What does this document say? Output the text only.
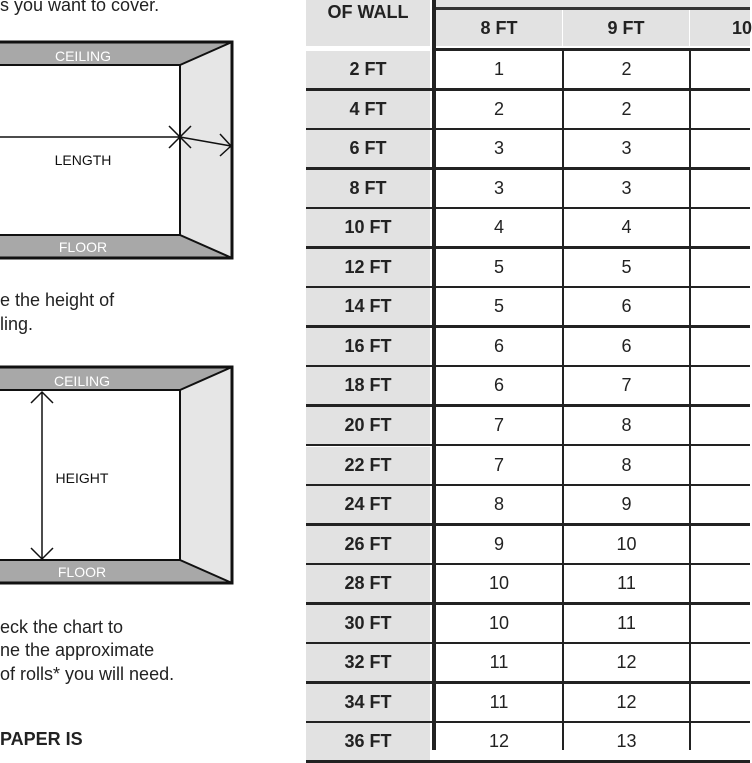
s you want to cover.
CEILING
FLOOR
LENGTH
e the height of
ling.
CEILING
FLOOR
HEIGHT
eck the chart to
ne the approximate
of rolls* you will need.
PAPER IS
OF WALL
8 FT	9 FT	10
2 FT	1	2
4 FT	2	2
6 FT	3	3
8 FT	3	3
10 FT	4	4
12 FT	5	5
14 FT	5	6
16 FT	6	6
18 FT	6	7
20 FT	7	8
22 FT	7	8
24 FT	8	9
26 FT	9	10
28 FT	10	11
30 FT	10	11
32 FT	11	12
34 FT	11	12
36 FT	12	13
